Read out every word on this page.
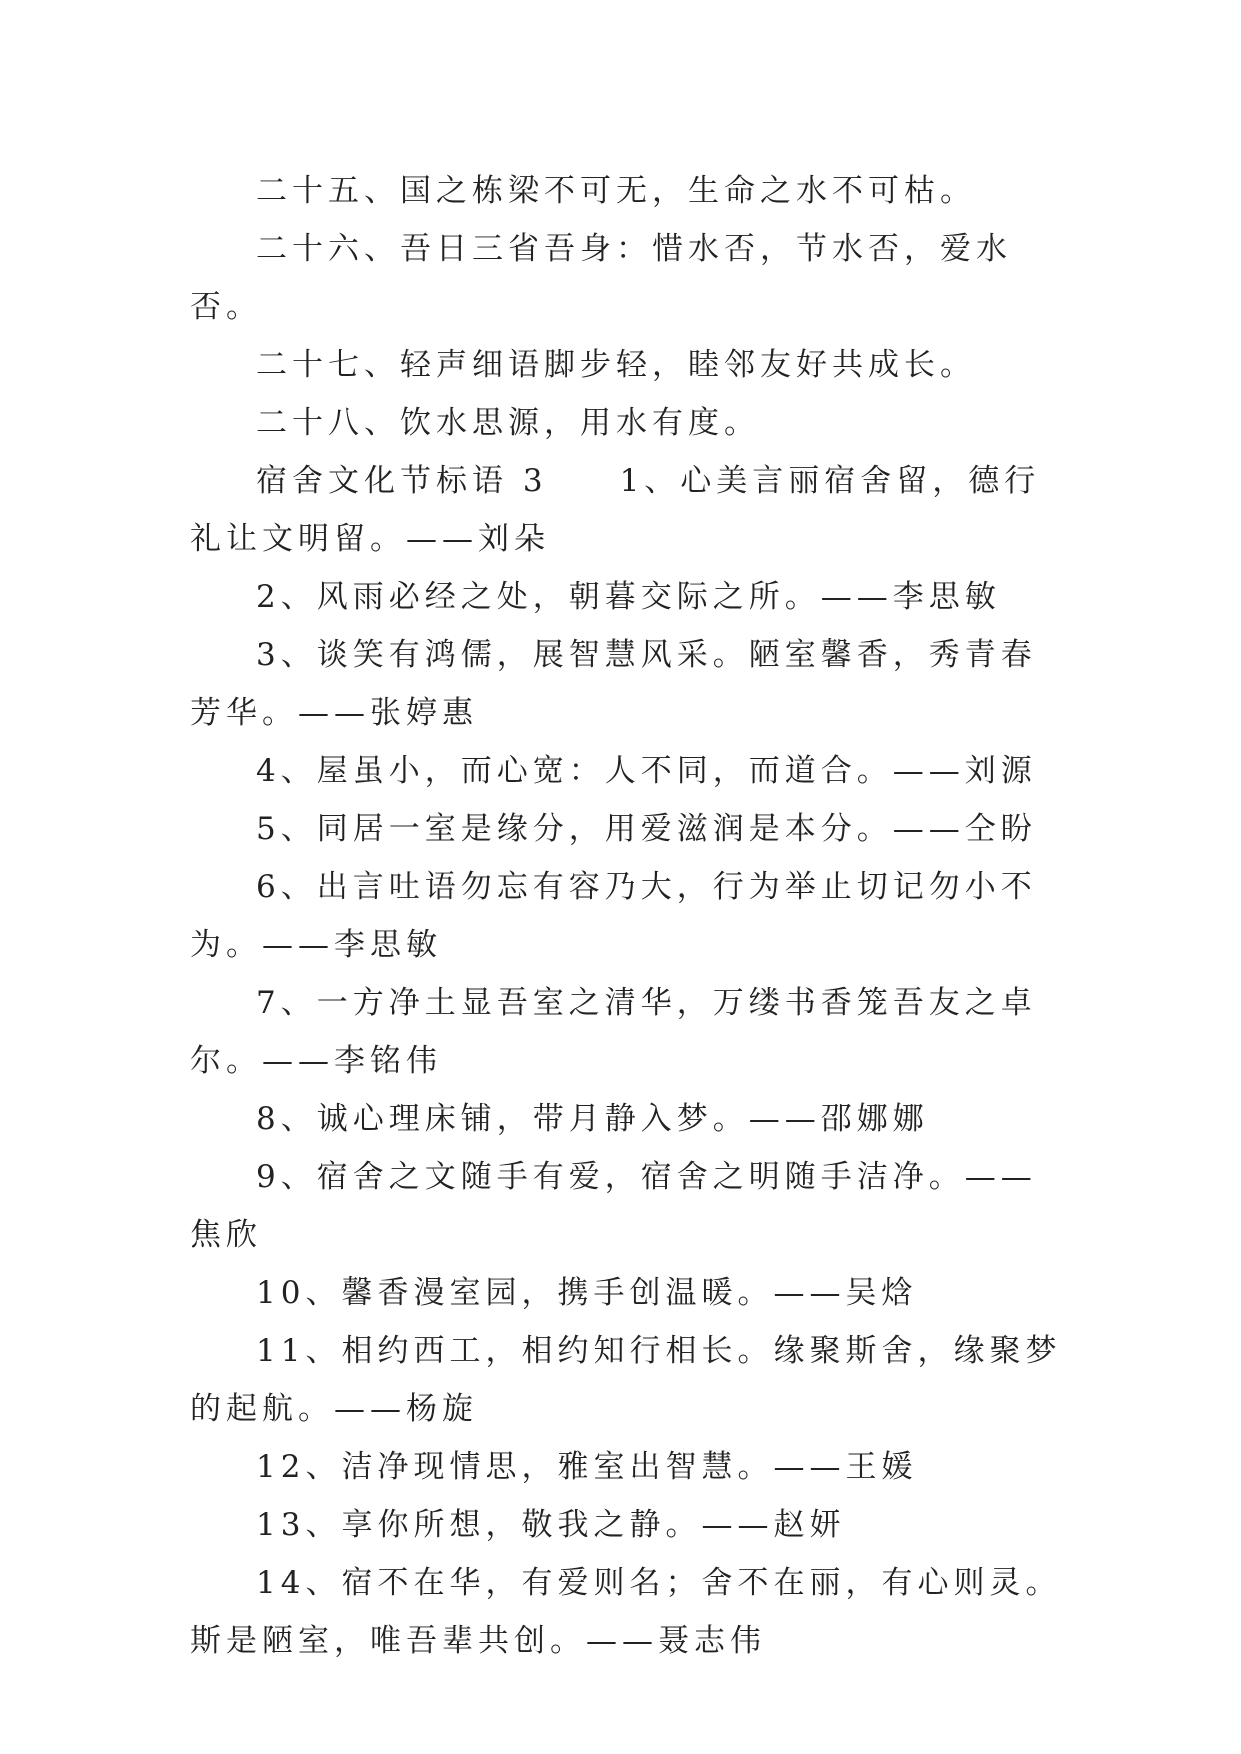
二十五、国之栋梁不可无，生命之水不可枯。

二十六、吾日三省吾身：惜水否，节水否，爱水否。

二十七、轻声细语脚步轻，睦邻友好共成长。

二十八、饮水思源，用水有度。

宿舍文化节标语 3　　1、心美言丽宿舍留，德行礼让文明留。——刘朵

2、风雨必经之处，朝暮交际之所。——李思敏

3、谈笑有鸿儒，展智慧风采。陋室馨香，秀青春芳华。——张婷惠

4、屋虽小，而心宽：人不同，而道合。——刘源

5、同居一室是缘分，用爱滋润是本分。——仝盼

6、出言吐语勿忘有容乃大，行为举止切记勿小不为。——李思敏

7、一方净土显吾室之清华，万缕书香笼吾友之卓尔。——李铭伟

8、诚心理床铺，带月静入梦。——邵娜娜

9、宿舍之文随手有爱，宿舍之明随手洁净。——焦欣

10、馨香漫室园，携手创温暖。——吴焓

11、相约西工，相约知行相长。缘聚斯舍，缘聚梦的起航。——杨旋

12、洁净现情思，雅室出智慧。——王媛

13、享你所想，敬我之静。——赵妍

14、宿不在华，有爱则名；舍不在丽，有心则灵。斯是陋室，唯吾辈共创。——聂志伟
